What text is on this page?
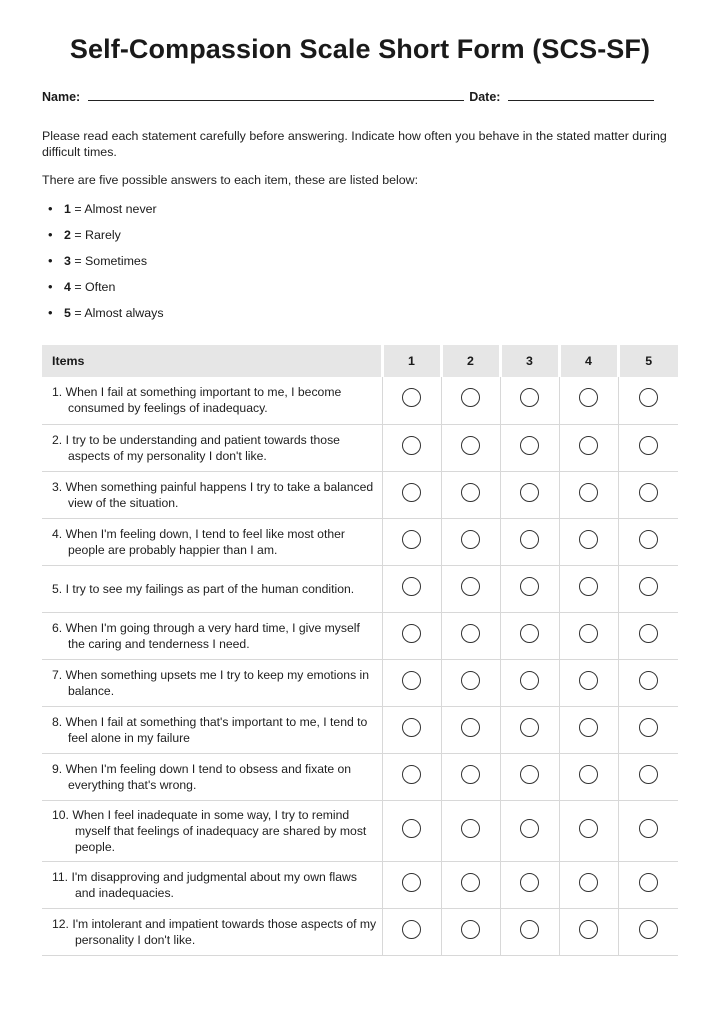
Self-Compassion Scale Short Form (SCS-SF)
Name:	Date:
Please read each statement carefully before answering. Indicate how often you behave in the stated matter during difficult times.
There are five possible answers to each item, these are listed below:
• 1 = Almost never
• 2 = Rarely
• 3 = Sometimes
• 4 = Often
• 5 = Almost always
Items	1	2	3	4	5

1. When I fail at something important to me, I become consumed by feelings of inadequacy.					

2. I try to be understanding and patient towards those aspects of my personality I don't like.					

3. When something painful happens I try to take a balanced view of the situation.					

4. When I'm feeling down, I tend to feel like most other people are probably happier than I am.					

5. I try to see my failings as part of the human condition.					

6. When I'm going through a very hard time, I give myself the caring and tenderness I need.					

7. When something upsets me I try to keep my emotions in balance.					

8. When I fail at something that's important to me, I tend to feel alone in my failure					

9. When I'm feeling down I tend to obsess and fixate on everything that's wrong.					

10. When I feel inadequate in some way, I try to remind myself that feelings of inadequacy are shared by most people.					

11. I'm disapproving and judgmental about my own flaws and inadequacies.					

12. I'm intolerant and impatient towards those aspects of my personality I don't like.					
